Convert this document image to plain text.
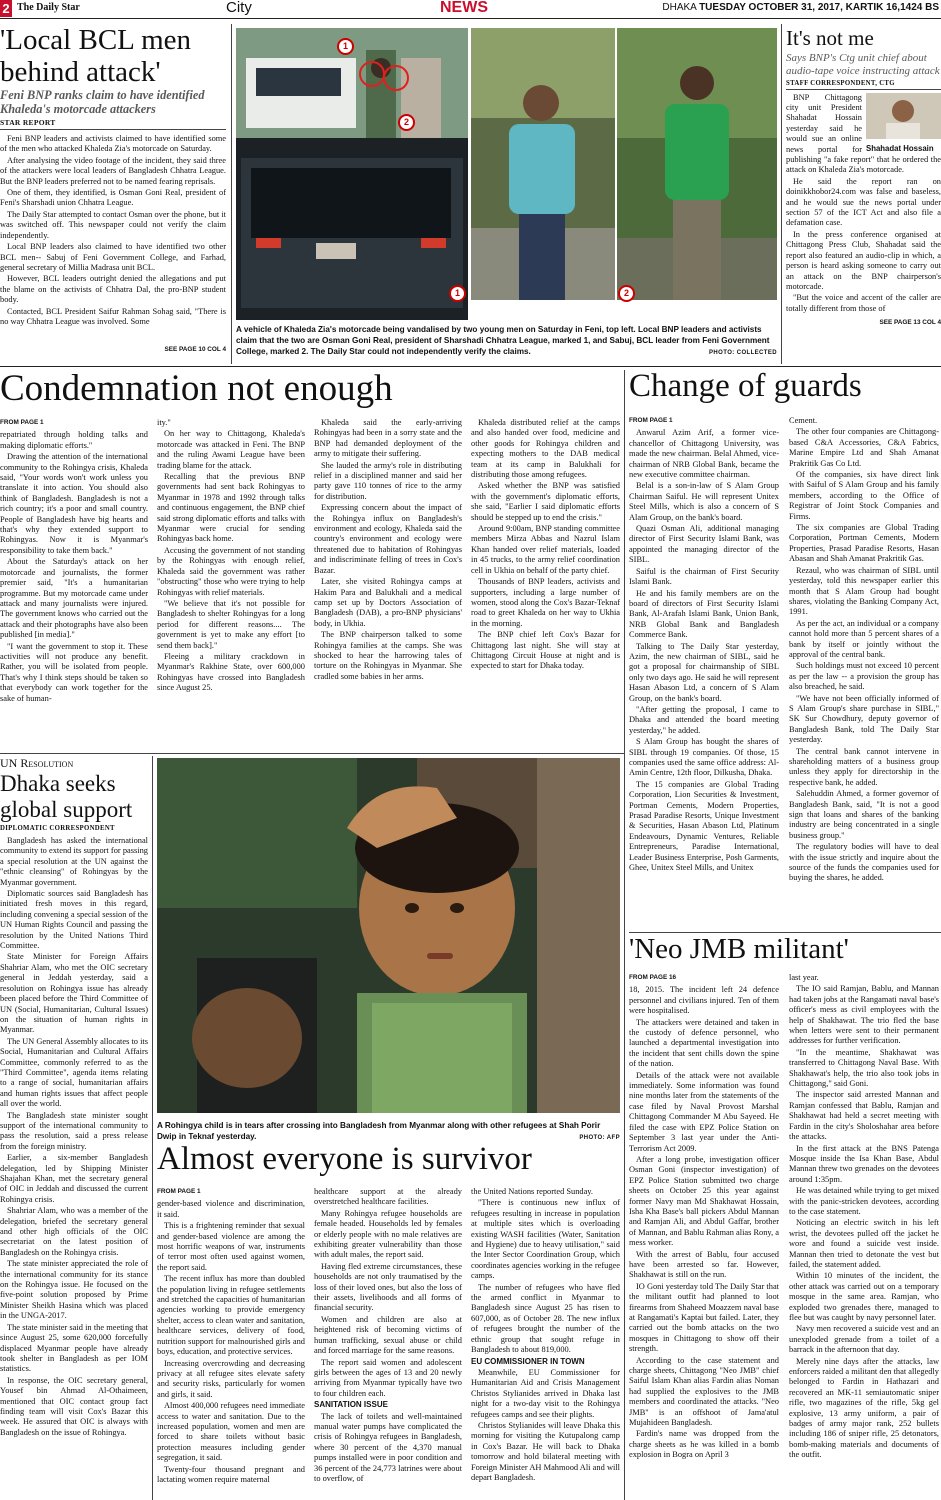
2 The Daily Star	City	NEWS	DHAKA TUESDAY OCTOBER 31, 2017, KARTIK 16,1424 BS
'Local BCL men behind attack'
Feni BNP ranks claim to have identified Khaleda's motorcade attackers
STAR REPORT

Feni BNP leaders and activists claimed to have identified some of the men who attacked Khaleda Zia's motorcade on Saturday.

After analysing the video footage of the incident, they said three of the attackers were local leaders of Bangladesh Chhatra League. But the BNP leaders preferred not to be named fearing reprisals.

One of them, they identified, is Osman Goni Real, president of Feni's Sharshadi union Chhatra League.

The Daily Star attempted to contact Osman over the phone, but it was switched off. This newspaper could not verify the claim independently.

Local BNP leaders also claimed to have identified two other BCL men-- Sabuj of Feni Government College, and Farhad, general secretary of Millia Madrasa unit BCL.

However, BCL leaders outright denied the allegations and put the blame on the activists of Chhatra Dal, the pro-BNP student body.

Contacted, BCL President Saifur Rahman Sohag said, "There is no way Chhatra League was involved. Some

SEE PAGE 10 COL 4
1
2
1	2
A vehicle of Khaleda Zia's motorcade being vandalised by two young men on Saturday in Feni, top left. Local BNP leaders and activists claim that the two are Osman Goni Real, president of Sharshadi Chhatra League, marked 1, and Sabuj, BCL leader from Feni Government College, marked 2. The Daily Star could not independently verify the claims.	PHOTO: COLLECTED
It's not me
Says BNP's Ctg unit chief about audio-tape voice instructing attack
STAFF CORRESPONDENT, CTG
Shahadat Hossain

BNP Chittagong city unit President Shahadat Hossain yesterday said he would sue an online news portal for publishing "a fake report" that he ordered the attack on Khaleda Zia's motorcade.

He said the report ran on doinikkhobor24.com was false and baseless, and he would sue the news portal under section 57 of the ICT Act and also file a defamation case.

In the press conference organised at Chittagong Press Club, Shahadat said the report also featured an audio-clip in which, a person is heard asking someone to carry out an attack on the BNP chairperson's motorcade.

"But the voice and accent of the caller are totally different from those of

SEE PAGE 13 COL 4
Condemnation not enough
FROM PAGE 1

repatriated through holding talks and making diplomatic efforts."

Drawing the attention of the international community to the Rohingya crisis, Khaleda said, "Your words won't work unless you translate it into action. You should also think of Bangladesh. Bangladesh is not a rich country; it's a poor and small country. People of Bangladesh have big hearts and that's why they extended support to Rohingyas. Now it is Myanmar's responsibility to take them back."

About the Saturday's attack on her motorcade and journalists, the former premier said, "It's a humanitarian programme. But my motorcade came under attack and many journalists were injured. The government knows who carried out the attack and their photographs have also been published [in media]."

"I want the government to stop it. These activities will not produce any benefit. Rather, you will be isolated from people. That's why I think steps should be taken so that everybody can work together for the sake of human-

ity."

On her way to Chittagong, Khaleda's motorcade was attacked in Feni. The BNP and the ruling Awami League have been trading blame for the attack.

Recalling that the previous BNP governments had sent back Rohingyas to Myanmar in 1978 and 1992 through talks and continuous engagement, the BNP chief said strong diplomatic efforts and talks with Myanmar were crucial for sending Rohingyas back home.

Accusing the government of not standing by the Rohingyas with enough relief, Khaleda said the government was rather "obstructing" those who were trying to help Rohingyas with relief materials.

"We believe that it's not possible for Bangladesh to shelter Rohingyas for a long period for different reasons.... The government is yet to make any effort [to send them back]."

Fleeing a military crackdown in Myanmar's Rakhine State, over 600,000 Rohingyas have crossed into Bangladesh since August 25.

Khaleda said the early-arriving Rohingyas had been in a sorry state and the BNP had demanded deployment of the army to mitigate their suffering.

She lauded the army's role in distributing relief in a disciplined manner and said her party gave 110 tonnes of rice to the army for distribution.

Expressing concern about the impact of the Rohingya influx on Bangladesh's environment and ecology, Khaleda said the country's environment and ecology were threatened due to habitation of Rohingyas and indiscriminate felling of trees in Cox's Bazar.

Later, she visited Rohingya camps at Hakim Para and Balukhali and a medical camp set up by Doctors Association of Bangladesh (DAB), a pro-BNP physicians' body, in Ukhia.

The BNP chairperson talked to some Rohingya families at the camps. She was shocked to hear the harrowing tales of torture on the Rohingyas in Myanmar. She cradled some babies in her arms.

Khaleda distributed relief at the camps and also handed over food, medicine and other goods for Rohingya children and expecting mothers to the DAB medical team at its camp in Balukhali for distributing those among refugees.

Asked whether the BNP was satisfied with the government's diplomatic efforts, she said, "Earlier I said diplomatic efforts should be stepped up to end the crisis."

Around 9:00am, BNP standing committee members Mirza Abbas and Nazrul Islam Khan handed over relief materials, loaded in 45 trucks, to the army relief coordination cell in Ukhia on behalf of the party chief.

Thousands of BNP leaders, activists and supporters, including a large number of women, stood along the Cox's Bazar-Teknaf road to greet Khaleda on her way to Ukhia in the morning.

The BNP chief left Cox's Bazar for Chittagong last night. She will stay at Chittagong Circuit House at night and is expected to start for Dhaka today.

Change of guards
FROM PAGE 1

Anwarul Azim Arif, a former vice-chancellor of Chittagong University, was made the new chairman. Belal Ahmed, vice-chairman of NRB Global Bank, became the new executive committee chairman.

Belal is a son-in-law of S Alam Group Chairman Saiful. He will represent Unitex Steel Mills, which is also a concern of S Alam Group, on the bank's board.

Quazi Osman Ali, additional managing director of First Security Islami Bank, was appointed the managing director of the SIBL.

Saiful is the chairman of First Security Islami Bank.

He and his family members are on the board of directors of First Security Islami Bank, Al-Arafah Islami Bank, Union Bank, NRB Global Bank and Bangladesh Commerce Bank.

Talking to The Daily Star yesterday, Azim, the new chairman of SIBL, said he got a proposal for chairmanship of SIBL only two days ago. He said he will represent Hasan Abason Ltd, a concern of S Alam Group, on the bank's board.

"After getting the proposal, I came to Dhaka and attended the board meeting yesterday," he added.

S Alam Group has bought the shares of SIBL through 19 companies. Of those, 15 companies used the same office address: Al-Amin Centre, 12th floor, Dilkusha, Dhaka.

The 15 companies are Global Trading Corporation, Lion Securities & Investment, Portman Cements, Modern Properties, Prasad Paradise Resorts, Unique Investment & Securities, Hasan Abason Ltd, Platinum Endeavours, Dynamic Ventures, Reliable Entrepreneurs, Paradise International, Leader Business Enterprise, Posh Garments, Ghee, Unitex Steel Mills, and Unitex

Cement.

The other four companies are Chittagong-based C&A Accessories, C&A Fabrics, Marine Empire Ltd and Shah Amanat Prakritik Gas Co Ltd.

Of the companies, six have direct link with Saiful of S Alam Group and his family members, according to the Office of Registrar of Joint Stock Companies and Firms.

The six companies are Global Trading Corporation, Portman Cements, Modern Properties, Prasad Paradise Resorts, Hasan Abasan and Shah Amanat Prakritik Gas.

Rezaul, who was chairman of SIBL until yesterday, told this newspaper earlier this month that S Alam Group had bought shares, violating the Banking Company Act, 1991.

As per the act, an individual or a company cannot hold more than 5 percent shares of a bank by itself or jointly without the approval of the central bank.

Such holdings must not exceed 10 percent as per the law -- a provision the group has also breached, he said.

"We have not been officially informed of S Alam Group's share purchase in SIBL," SK Sur Chowdhury, deputy governor of Bangladesh Bank, told The Daily Star yesterday.

The central bank cannot intervene in shareholding matters of a business group unless they apply for directorship in the respective bank, he added.

Salehuddin Ahmed, a former governor of Bangladesh Bank, said, "It is not a good sign that loans and shares of the banking industry are being concentrated in a single business group."

The regulatory bodies will have to deal with the issue strictly and inquire about the source of the funds the companies used for buying the shares, he added.

UN Resolution
Dhaka seeks global support
DIPLOMATIC CORRESPONDENT

Bangladesh has asked the international community to extend its support for passing a special resolution at the UN against the "ethnic cleansing" of Rohingyas by the Myanmar government.

Diplomatic sources said Bangladesh has initiated fresh moves in this regard, including convening a special session of the UN Human Rights Council and passing the resolution by the United Nations Third Committee.

State Minister for Foreign Affairs Shahriar Alam, who met the OIC secretary general in Jeddah yesterday, said a resolution on Rohingya issue has already been placed before the Third Committee of UN (Social, Humanitarian, Cultural Issues) on the situation of human rights in Myanmar.

The UN General Assembly allocates to its Social, Humanitarian and Cultural Affairs Committee, commonly referred to as the "Third Committee", agenda items relating to a range of social, humanitarian affairs and human rights issues that affect people all over the world.

The Bangladesh state minister sought support of the international community to pass the resolution, said a press release from the foreign ministry.

Earlier, a six-member Bangladesh delegation, led by Shipping Minister Shajahan Khan, met the secretary general of OIC in Jeddah and discussed the current Rohingya crisis.

Shahriar Alam, who was a member of the delegation, briefed the secretary general and other high officials of the OIC secretariat on the latest position of Bangladesh on the Rohingya crisis.

The state minister appreciated the role of the international community for its stance on the Rohingya issue. He focused on the five-point solution proposed by Prime Minister Sheikh Hasina which was placed in the UNGA-2017.

The state minister said in the meeting that since August 25, some 620,000 forcefully displaced Myanmar people have already took shelter in Bangladesh as per IOM statistics.

In response, the OIC secretary general, Yousef bin Ahmad Al-Othaimeen, mentioned that OIC contact group fact finding team will visit Cox's Bazar this week. He assured that OIC is always with Bangladesh on the issue of Rohingya.

A Rohingya child is in tears after crossing into Bangladesh from Myanmar along with other refugees at Shah Porir Dwip in Teknaf yesterday.	PHOTO: AFP
Almost everyone is survivor
FROM PAGE 1

gender-based violence and discrimination, it said.

This is a frightening reminder that sexual and gender-based violence are among the most horrific weapons of war, instruments of terror most often used against women, the report said.

The recent influx has more than doubled the population living in refugee settlements and stretched the capacities of humanitarian agencies working to provide emergency shelter, access to clean water and sanitation, healthcare services, delivery of food, nutrition support for malnourished girls and boys, education, and protective services.

Increasing overcrowding and decreasing privacy at all refugee sites elevate safety and security risks, particularly for women and girls, it said.

Almost 400,000 refugees need immediate access to water and sanitation. Due to the increased population, women and men are forced to share toilets without basic protection measures including gender segregation, it said.

Twenty-four thousand pregnant and lactating women require maternal

healthcare support at the already overstretched healthcare facilities.

Many Rohingya refugee households are female headed. Households led by females or elderly people with no male relatives are exhibiting greater vulnerability than those with adult males, the report said.

Having fled extreme circumstances, these households are not only traumatised by the loss of their loved ones, but also the loss of their assets, livelihoods and all forms of financial security.

Women and children are also at heightened risk of becoming victims of human trafficking, sexual abuse or child and forced marriage for the same reasons.

The report said women and adolescent girls between the ages of 13 and 20 newly arriving from Myanmar typically have two to four children each.

SANITATION ISSUE

The lack of toilets and well-maintained manual water pumps have complicated the crisis of Rohingya refugees in Bangladesh, where 30 percent of the 4,370 manual pumps installed were in poor condition and 36 percent of the 24,773 latrines were about to overflow, of

the United Nations reported Sunday.

"There is continuous new influx of refugees resulting in increase in population at multiple sites which is overloading existing WASH facilities (Water, Sanitation and Hygiene) due to heavy utilisation," said the Inter Sector Coordination Group, which coordinates agencies working in the refugee camps.

The number of refugees who have fled the armed conflict in Myanmar to Bangladesh since August 25 has risen to 607,000, as of October 28. The new influx of refugees brought the number of the ethnic group that sought refuge in Bangladesh to about 819,000.

EU COMMISSIONER IN TOWN

Meanwhile, EU Commissioner for Humanitarian Aid and Crisis Management Christos Stylianides arrived in Dhaka last night for a two-day visit to the Rohingya refugees camps and see their plights.

Christos Stylianides will leave Dhaka this morning for visiting the Kutupalong camp in Cox's Bazar. He will back to Dhaka tomorrow and hold bilateral meeting with Foreign Minister AH Mahmood Ali and will depart Bangladesh.

'Neo JMB militant'
FROM PAGE 16

18, 2015. The incident left 24 defence personnel and civilians injured. Ten of them were hospitalised.

The attackers were detained and taken in the custody of defence personnel, who launched a departmental investigation into the incident that sent chills down the spine of the nation.

Details of the attack were not available immediately. Some information was found nine months later from the statements of the case filed by Naval Provost Marshal Chittagong Commander M Abu Sayeed. He filed the case with EPZ Police Station on September 3 last year under the Anti-Terrorism Act 2009.

After a long probe, investigation officer Osman Goni (inspector investigation) of EPZ Police Station submitted two charge sheets on October 25 this year against former Navy man Md Shakhawat Hossain, Isha Kha Base's ball pickers Abdul Mannan and Ramjan Ali, and Abdul Gaffar, brother of Mannan, and Bablu Rahman alias Rony, a mess worker.

With the arrest of Bablu, four accused have been arrested so far. However, Shakhawat is still on the run.

IO Goni yesterday told The Daily Star that the militant outfit had planned to loot firearms from Shaheed Moazzem naval base at Rangamati's Kaptai but failed. Later, they carried out the bomb attacks on the two mosques in Chittagong to show off their strength.

According to the case statement and charge sheets, Chittagong "Neo JMB" chief Saiful Islam Khan alias Fardin alias Noman had supplied the explosives to the JMB members and coordinated the attacks. "Neo JMB" is an offshoot of Jama'atul Mujahideen Bangladesh.

Fardin's name was dropped from the charge sheets as he was killed in a bomb explosion in Bogra on April 3

last year.

The IO said Ramjan, Bablu, and Mannan had taken jobs at the Rangamati naval base's officer's mess as civil employees with the help of Shakhawat. The trio fled the base when letters were sent to their permanent addresses for further verification.

"In the meantime, Shakhawat was transferred to Chittagong Naval Base. With Shakhawat's help, the trio also took jobs in Chittagong," said Goni.

The inspector said arrested Mannan and Ramjan confessed that Bablu, Ramjan and Shakhawat had held a secret meeting with Fardin in the city's Sholoshahar area before the attacks.

In the first attack at the BNS Patenga Mosque inside the Isa Khan Base, Abdul Mannan threw two grenades on the devotees around 1:35pm.

He was detained while trying to get mixed with the panic-stricken devotees, according to the case statement.

Noticing an electric switch in his left wrist, the devotees pulled off the jacket he wore and found a suicide vest inside. Mannan then tried to detonate the vest but failed, the statement added.

Within 10 minutes of the incident, the other attack was carried out on a temporary mosque in the same area. Ramjan, who exploded two grenades there, managed to flee but was caught by navy personnel later.

Navy men recovered a suicide vest and an unexploded grenade from a toilet of a barrack in the afternoon that day.

Merely nine days after the attacks, law enforcers raided a militant den that allegedly belonged to Fardin in Hathazari and recovered an MK-11 semiautomatic sniper rifle, two magazines of the rifle, 5kg gel explosive, 13 army uniform, a pair of badges of army major rank, 252 bullets including 186 of sniper rifle, 25 detonators, bomb-making materials and documents of the outfit.
